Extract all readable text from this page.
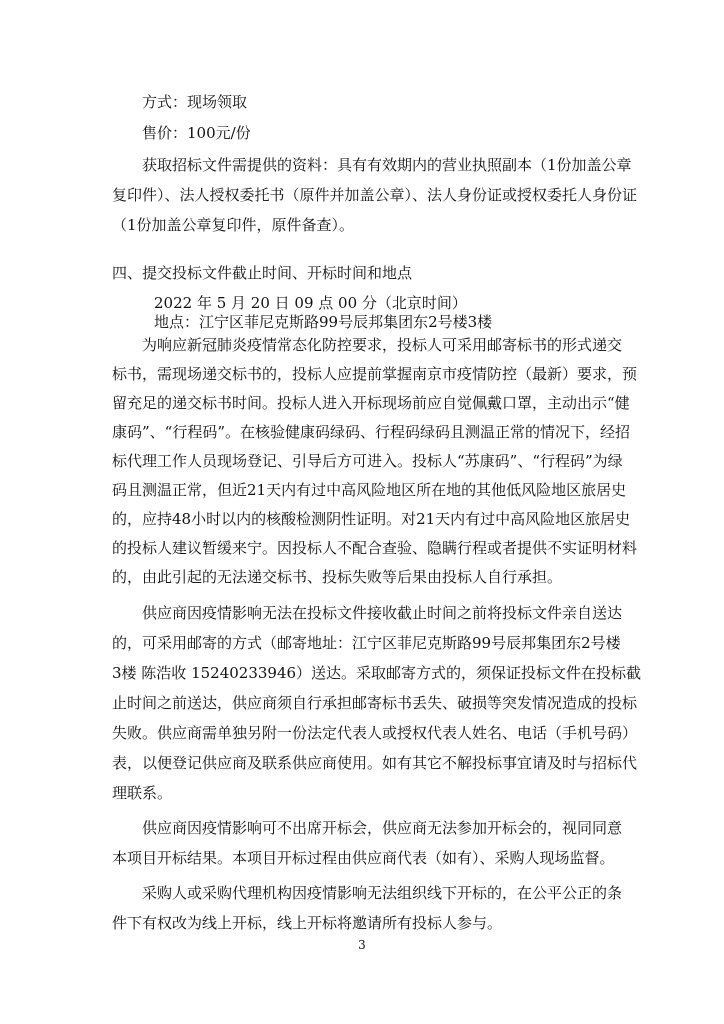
方式：现场领取
售价：100元/份
获取招标文件需提供的资料：具有有效期内的营业执照副本（1份加盖公章
复印件）、法人授权委托书（原件并加盖公章）、法人身份证或授权委托人身份证
（1份加盖公章复印件，原件备查）。
四、提交投标文件截止时间、开标时间和地点
2022 年 5 月 20 日 09 点 00 分（北京时间）
地点：江宁区菲尼克斯路99号辰邦集团东2号楼3楼
为响应新冠肺炎疫情常态化防控要求，投标人可采用邮寄标书的形式递交
标书，需现场递交标书的，投标人应提前掌握南京市疫情防控（最新）要求，预
留充足的递交标书时间。投标人进入开标现场前应自觉佩戴口罩，主动出示“健
康码”、“行程码”。在核验健康码绿码、行程码绿码且测温正常的情况下，经招
标代理工作人员现场登记、引导后方可进入。投标人“苏康码”、“行程码”为绿
码且测温正常，但近21天内有过中高风险地区所在地的其他低风险地区旅居史
的，应持48小时以内的核酸检测阴性证明。对21天内有过中高风险地区旅居史
的投标人建议暂缓来宁。因投标人不配合查验、隐瞒行程或者提供不实证明材料
的，由此引起的无法递交标书、投标失败等后果由投标人自行承担。
供应商因疫情影响无法在投标文件接收截止时间之前将投标文件亲自送达
的，可采用邮寄的方式（邮寄地址：江宁区菲尼克斯路99号辰邦集团东2号楼
3楼 陈浩收 15240233946）送达。采取邮寄方式的，须保证投标文件在投标截
止时间之前送达，供应商须自行承担邮寄标书丢失、破损等突发情况造成的投标
失败。供应商需单独另附一份法定代表人或授权代表人姓名、电话（手机号码）
表，以便登记供应商及联系供应商使用。如有其它不解投标事宜请及时与招标代
理联系。
供应商因疫情影响可不出席开标会，供应商无法参加开标会的，视同同意
本项目开标结果。本项目开标过程由供应商代表（如有）、采购人现场监督。
采购人或采购代理机构因疫情影响无法组织线下开标的，在公平公正的条
件下有权改为线上开标，线上开标将邀请所有投标人参与。
3
